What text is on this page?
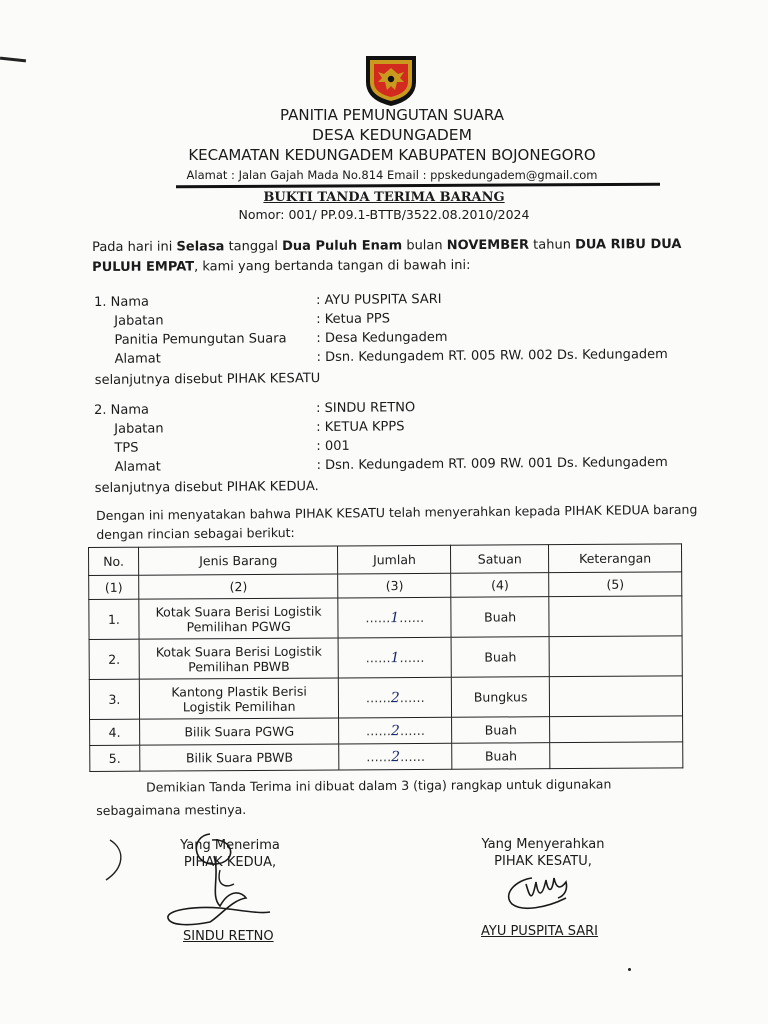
PANITIA PEMUNGUTAN SUARA
DESA KEDUNGADEM
KECAMATAN KEDUNGADEM KABUPATEN BOJONEGORO
Alamat : Jalan Gajah Mada No.814 Email : ppskedungadem@gmail.com
BUKTI TANDA TERIMA BARANG
Nomor: 001/ PP.09.1-BTTB/3522.08.2010/2024
Pada hari ini Selasa tanggal Dua Puluh Enam bulan NOVEMBER tahun DUA RIBU DUA PULUH EMPAT, kami yang bertanda tangan di bawah ini:
1. Nama	: AYU PUSPITA SARI
Jabatan	: Ketua PPS
Panitia Pemungutan Suara : Desa Kedungadem
Alamat	: Dsn. Kedungadem RT. 005 RW. 002 Ds. Kedungadem
selanjutnya disebut PIHAK KESATU
2. Nama	: SINDU RETNO
Jabatan	: KETUA KPPS
TPS	: 001
Alamat	: Dsn. Kedungadem RT. 009 RW. 001 Ds. Kedungadem
selanjutnya disebut PIHAK KEDUA.
Dengan ini menyatakan bahwa PIHAK KESATU telah menyerahkan kepada PIHAK KEDUA barang dengan rincian sebagai berikut:
No.	Jenis Barang	Jumlah	Satuan	Keterangan
(1)	(2)	(3)	(4)	(5)
1.	Kotak Suara Berisi Logistik
Pemilihan PGWG	……1……	Buah	
2.	Kotak Suara Berisi Logistik
Pemilihan PBWB	……1……	Buah	
3.	Kantong Plastik Berisi
Logistik Pemilihan	……2……	Bungkus	
4.	Bilik Suara PGWG	……2……	Buah	
5.	Bilik Suara PBWB	……2……	Buah	
Demikian Tanda Terima ini dibuat dalam 3 (tiga) rangkap untuk digunakan
sebagaimana mestinya.
Yang Menerima
PIHAK KEDUA,
SINDU RETNO
Yang Menyerahkan
PIHAK KESATU,
AYU PUSPITA SARI
